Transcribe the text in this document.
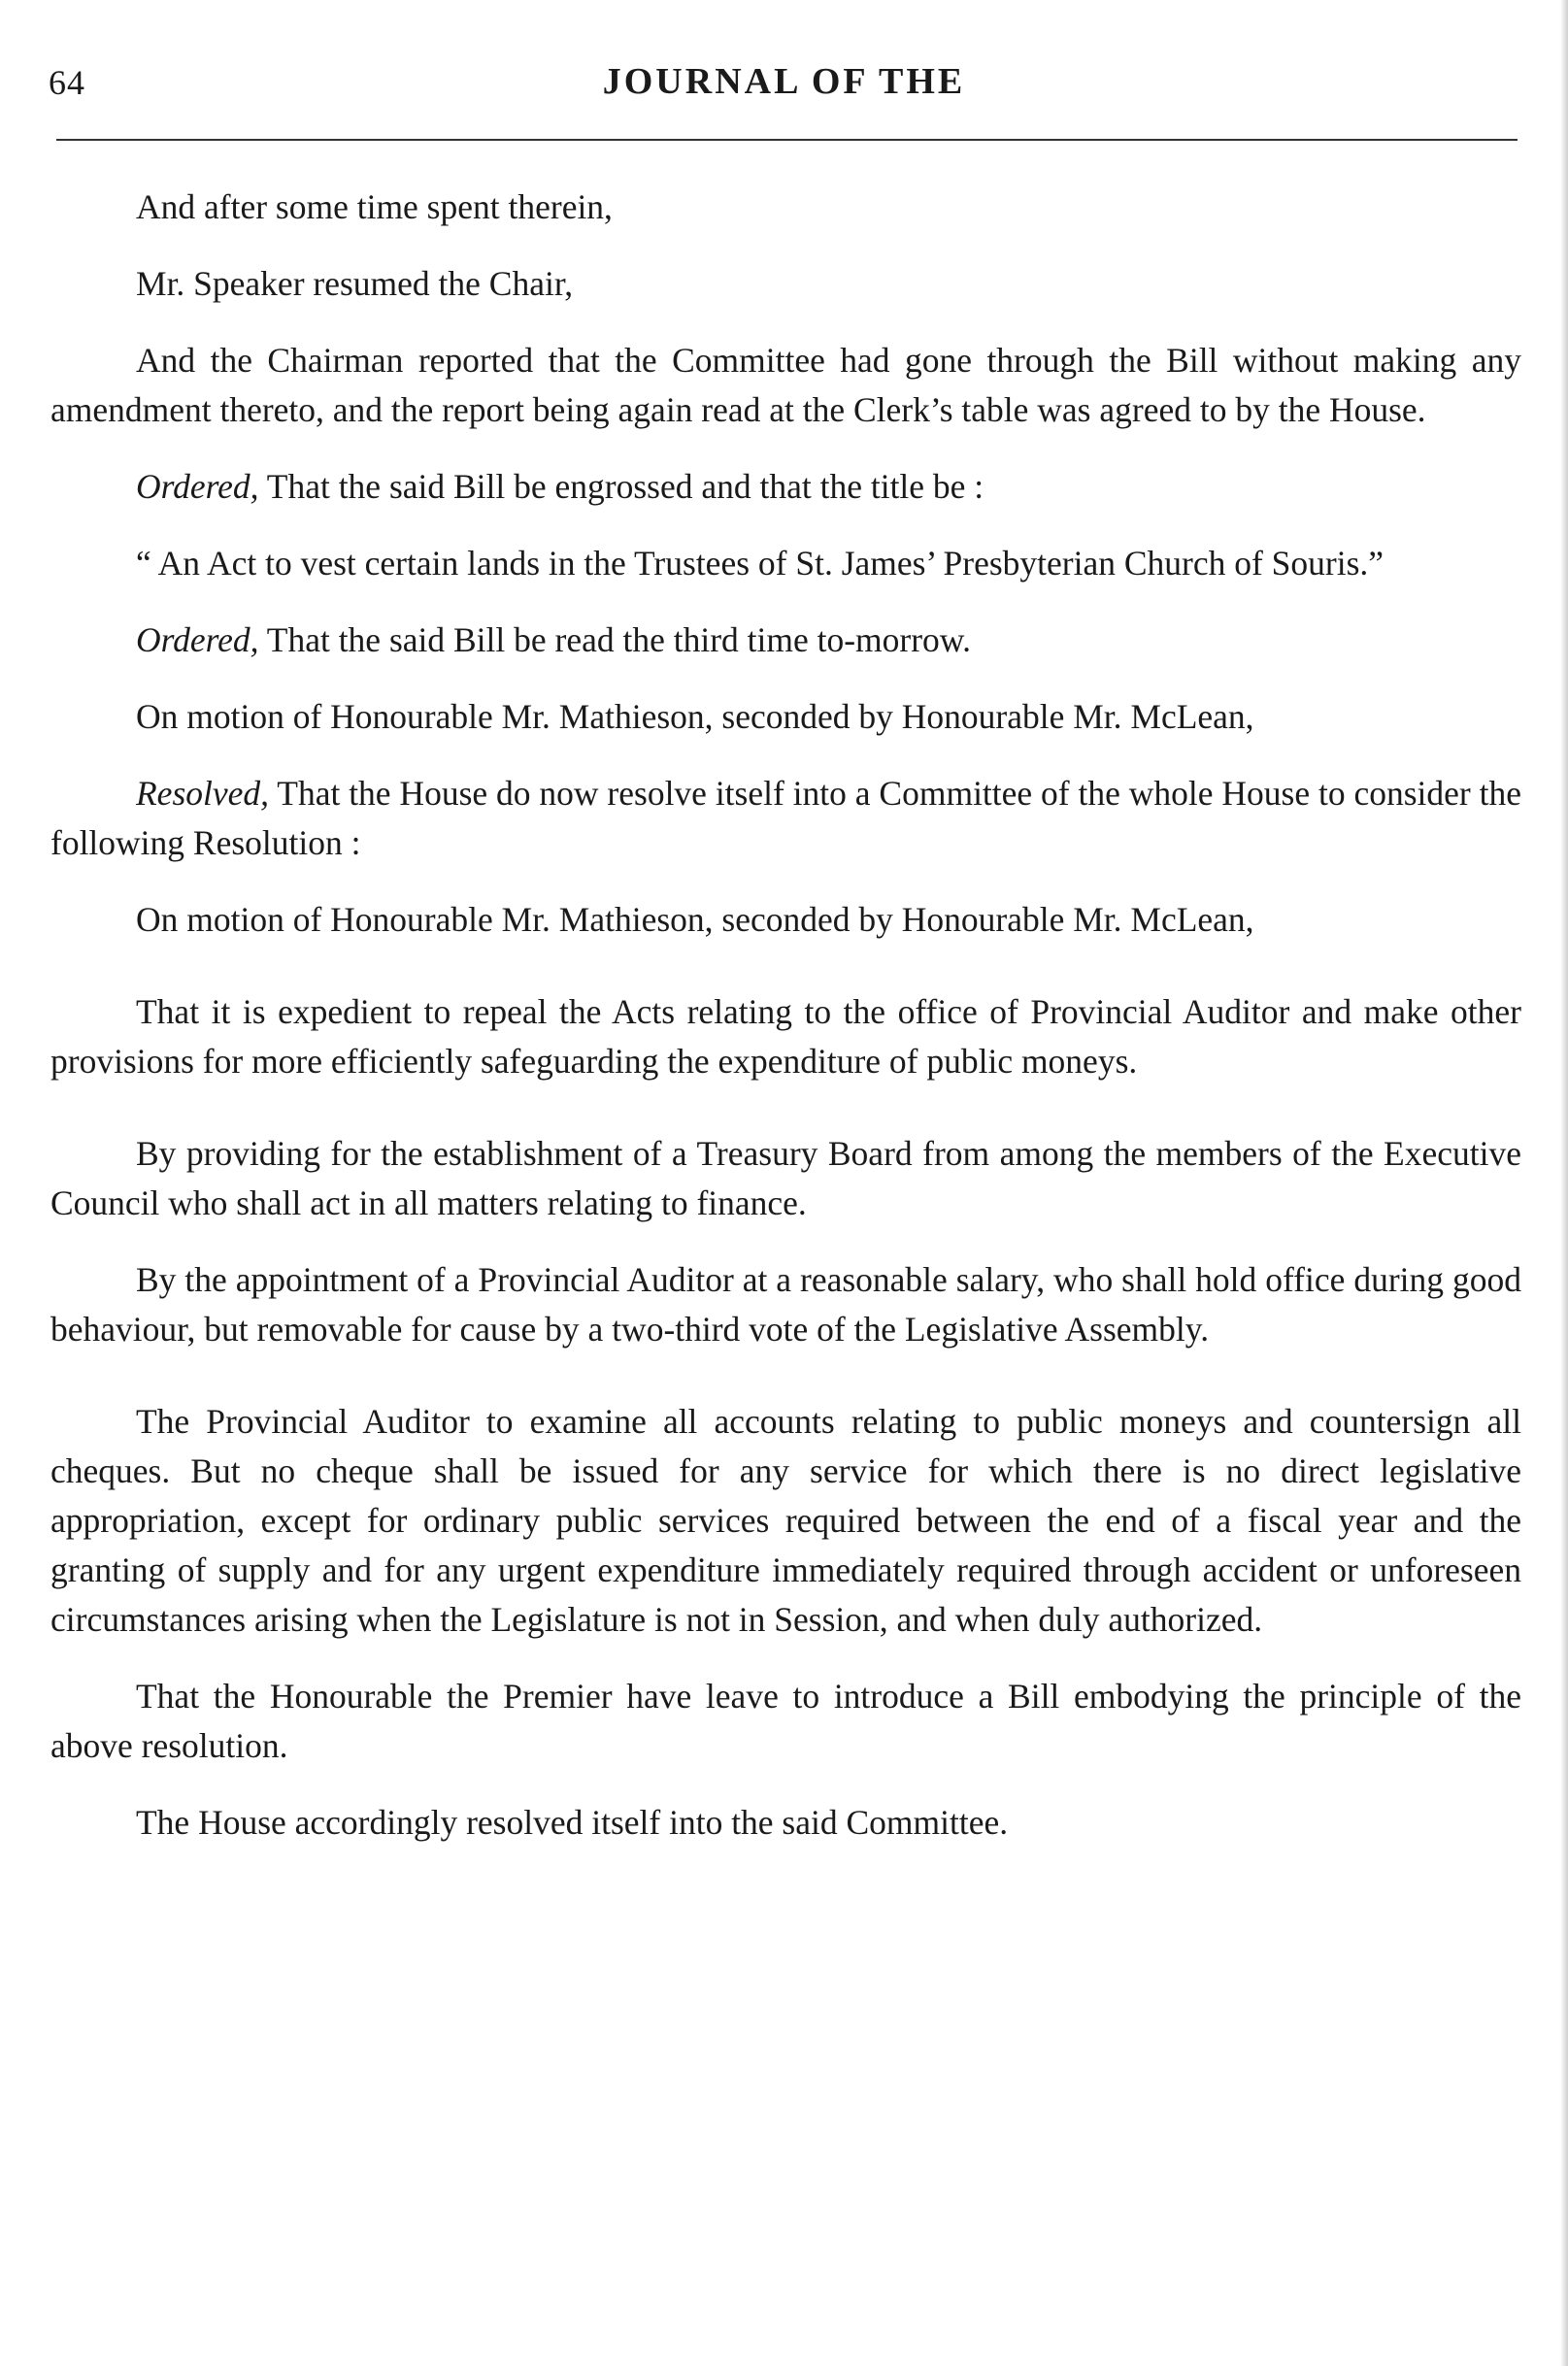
64	JOURNAL OF THE

And after some time spent therein,

Mr. Speaker resumed the Chair,

And the Chairman reported that the Committee had gone through the Bill without making any amendment thereto, and the report being again read at the Clerk’s table was agreed to by the House.

Ordered, That the said Bill be engrossed and that the title be :

“ An Act to vest certain lands in the Trustees of St. James’ Presbyterian Church of Souris.”

Ordered, That the said Bill be read the third time to-morrow.

On motion of Honourable Mr. Mathieson, seconded by Honourable Mr. McLean,

Resolved, That the House do now resolve itself into a Committee of the whole House to consider the following Resolution :

On motion of Honourable Mr. Mathieson, seconded by Honourable Mr. McLean,

That it is expedient to repeal the Acts relating to the office of Provincial Auditor and make other provisions for more efficiently safeguarding the expenditure of public moneys.

By providing for the establishment of a Treasury Board from among the members of the Executive Council who shall act in all matters relating to finance.

By the appointment of a Provincial Auditor at a reasonable salary, who shall hold office during good behaviour, but removable for cause by a two-third vote of the Legislative Assembly.

The Provincial Auditor to examine all accounts relating to public moneys and countersign all cheques. But no cheque shall be issued for any service for which there is no direct legislative appropriation, except for ordinary public services required between the end of a fiscal year and the granting of supply and for any urgent expenditure immediately required through accident or unforeseen circumstances arising when the Legislature is not in Session, and when duly authorized.

That the Honourable the Premier have leave to introduce a Bill embodying the principle of the above resolution.

The House accordingly resolved itself into the said Committee.
